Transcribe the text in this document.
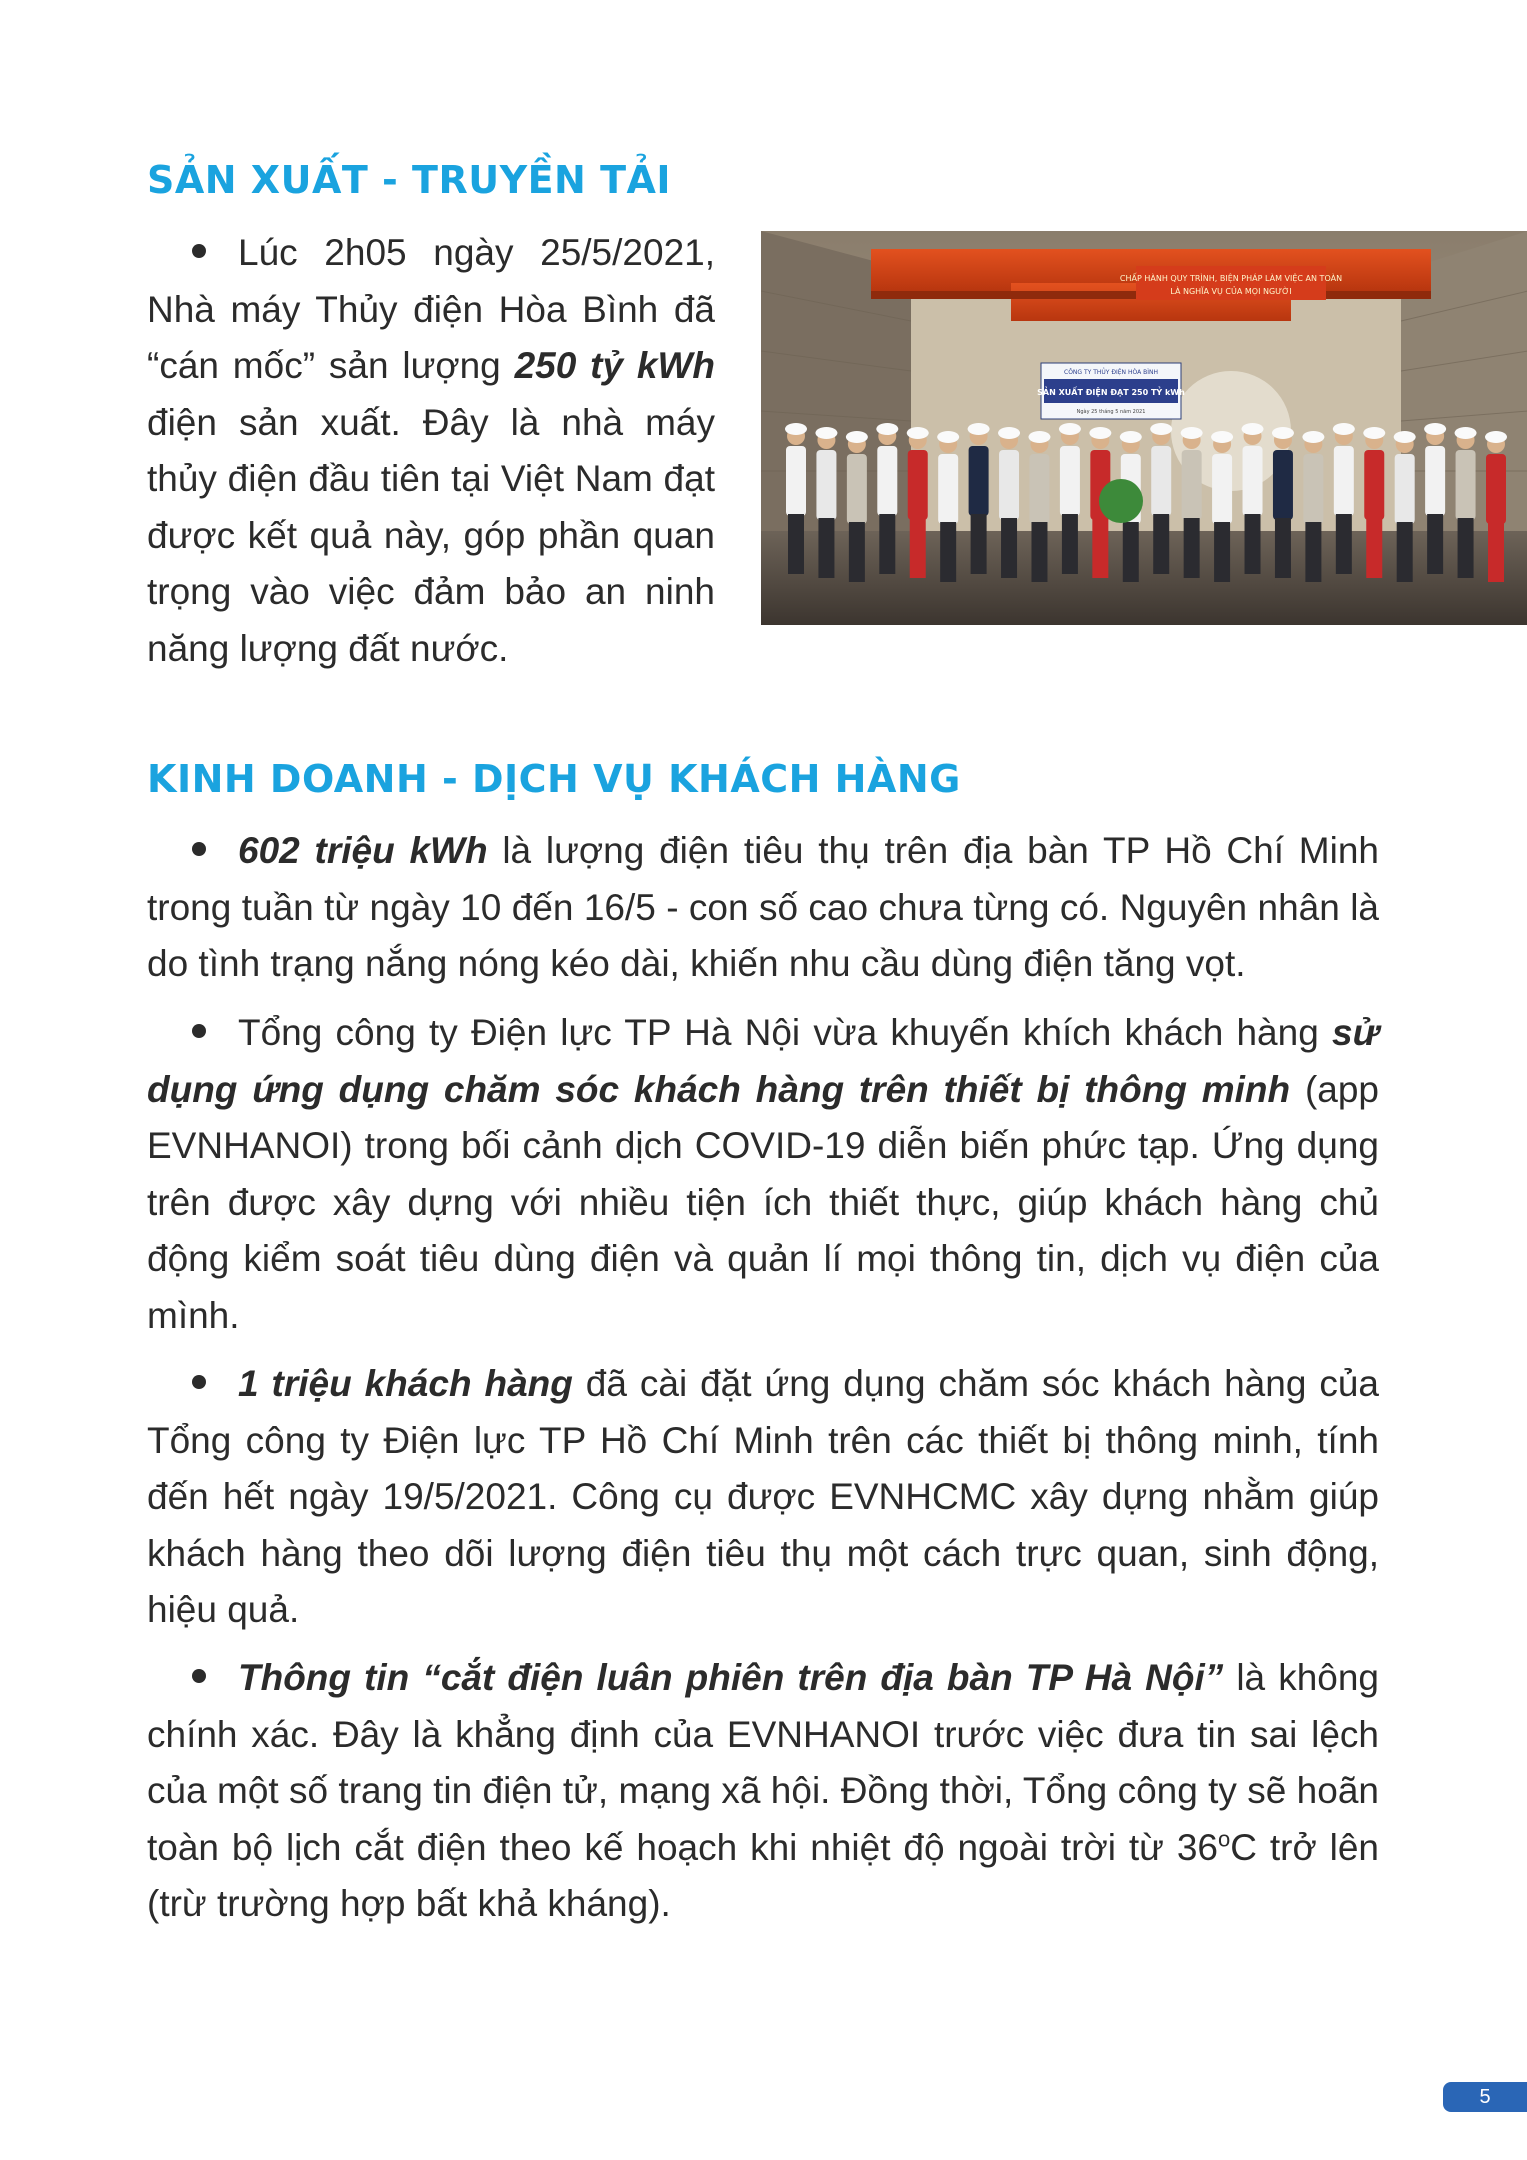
SẢN XUẤT - TRUYỀN TẢI

Lúc 2h05 ngày 25/5/2021, Nhà máy Thủy điện Hòa Bình đã “cán mốc” sản lượng 250 tỷ kWh điện sản xuất. Đây là nhà máy thủy điện đầu tiên tại Việt Nam đạt được kết quả này, góp phần quan trọng vào việc đảm bảo an ninh năng lượng đất nước.

CHẤP HÀNH QUY TRÌNH, BIỆN PHÁP LÀM VIỆC AN TOÀN
LÀ NGHĨA VỤ CỦA MỌI NGƯỜI
CÔNG TY THỦY ĐIỆN HÒA BÌNH
SẢN XUẤT ĐIỆN ĐẠT 250 TỶ kWh
Ngày 25 tháng 5 năm 2021
KINH DOANH - DỊCH VỤ KHÁCH HÀNG

602 triệu kWh là lượng điện tiêu thụ trên địa bàn TP Hồ Chí Minh trong tuần từ ngày 10 đến 16/5 - con số cao chưa từng có. Nguyên nhân là do tình trạng nắng nóng kéo dài, khiến nhu cầu dùng điện tăng vọt.

Tổng công ty Điện lực TP Hà Nội vừa khuyến khích khách hàng sử dụng ứng dụng chăm sóc khách hàng trên thiết bị thông minh (app EVNHANOI) trong bối cảnh dịch COVID-19 diễn biến phức tạp. Ứng dụng trên được xây dựng với nhiều tiện ích thiết thực, giúp khách hàng chủ động kiểm soát tiêu dùng điện và quản lí mọi thông tin, dịch vụ điện của mình.

1 triệu khách hàng đã cài đặt ứng dụng chăm sóc khách hàng của Tổng công ty Điện lực TP Hồ Chí Minh trên các thiết bị thông minh, tính đến hết ngày 19/5/2021. Công cụ được EVNHCMC xây dựng nhằm giúp khách hàng theo dõi lượng điện tiêu thụ một cách trực quan, sinh động, hiệu quả.

Thông tin “cắt điện luân phiên trên địa bàn TP Hà Nội” là không chính xác. Đây là khẳng định của EVNHANOI trước việc đưa tin sai lệch của một số trang tin điện tử, mạng xã hội. Đồng thời, Tổng công ty sẽ hoãn toàn bộ lịch cắt điện theo kế hoạch khi nhiệt độ ngoài trời từ 36$^o$C trở lên (trừ trường hợp bất khả kháng).

5
